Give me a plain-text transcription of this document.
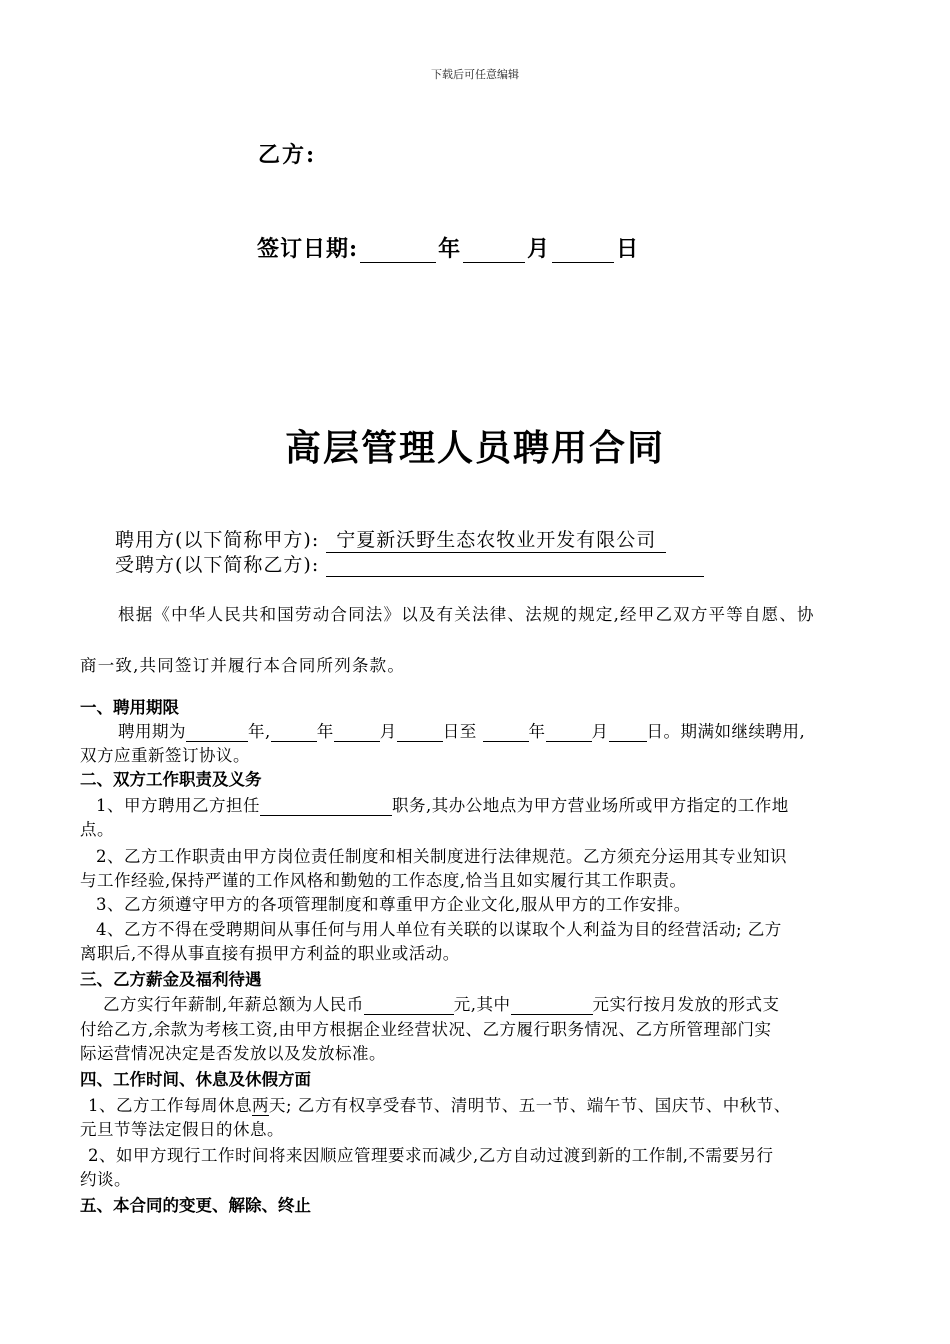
下载后可任意编辑
乙方:
签订日期:	年	月	日
高层管理人员聘用合同
聘用方(以下简称甲方): 宁夏新沃野生态农牧业开发有限公司
受聘方(以下简称乙方):
根据《中华人民共和国劳动合同法》以及有关法律、法规的规定,经甲乙双方平等自愿、协
商一致,共同签订并履行本合同所列条款。
一、聘用期限
聘用期为	年,	年	月	日至	年	月 日。期满如继续聘用,
双方应重新签订协议。
二、双方工作职责及义务
1、甲方聘用乙方担任	职务,其办公地点为甲方营业场所或甲方指定的工作地
点。
2、乙方工作职责由甲方岗位责任制度和相关制度进行法律规范。乙方须充分运用其专业知识
与工作经验,保持严谨的工作风格和勤勉的工作态度,恰当且如实履行其工作职责。
3、乙方须遵守甲方的各项管理制度和尊重甲方企业文化,服从甲方的工作安排。
4、乙方不得在受聘期间从事任何与用人单位有关联的以谋取个人利益为目的经营活动; 乙方
离职后,不得从事直接有损甲方利益的职业或活动。
三、乙方薪金及福利待遇
乙方实行年薪制,年薪总额为人民币	元,其中	元实行按月发放的形式支
付给乙方,余款为考核工资,由甲方根据企业经营状况、乙方履行职务情况、乙方所管理部门实
际运营情况决定是否发放以及发放标准。
四、工作时间、休息及休假方面
1、乙方工作每周休息两天; 乙方有权享受春节、清明节、五一节、端午节、国庆节、中秋节、
元旦节等法定假日的休息。
2、如甲方现行工作时间将来因顺应管理要求而减少,乙方自动过渡到新的工作制,不需要另行
约谈。
五、本合同的变更、解除、终止
